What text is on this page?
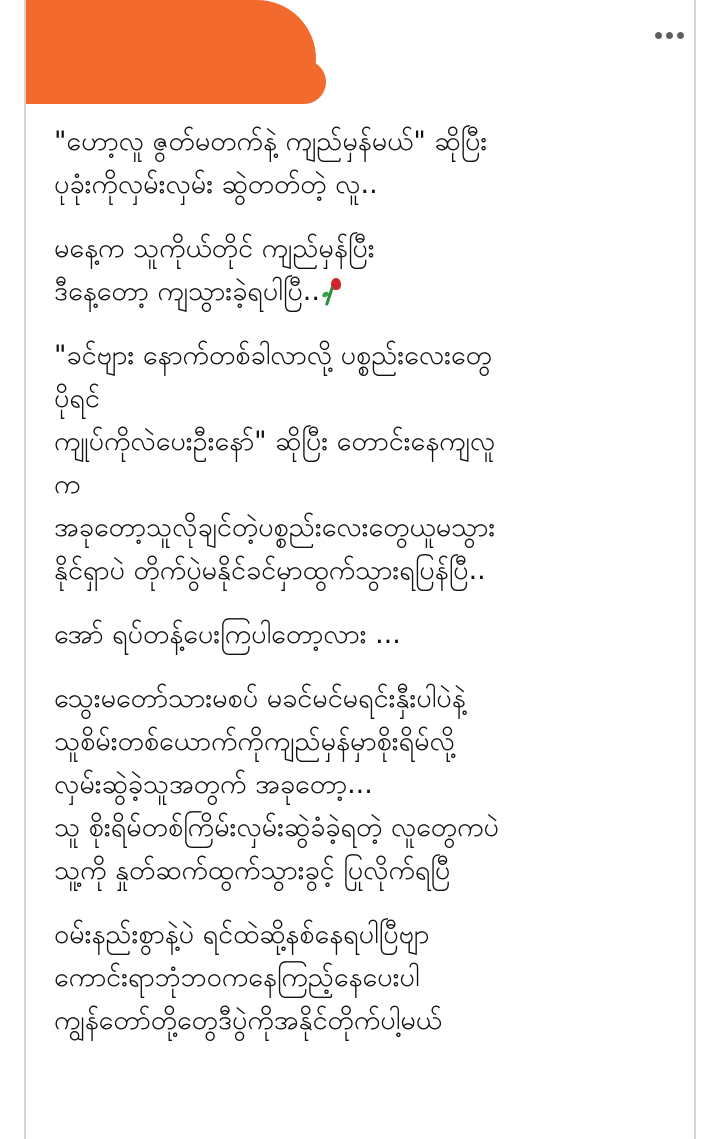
"ဟော့လူ ဇွတ်မတက်နဲ့ ကျည်မှန်မယ်" ဆိုပြီး
ပုခုံးကိုလှမ်းလှမ်း ဆွဲတတ်တဲ့ လူ..

မနေ့က သူကိုယ်တိုင် ကျည်မှန်ပြီး
ဒီနေ့တော့ ကျသွားခဲ့ရပါပြီ..

"ခင်ဗျား နောက်တစ်ခါလာလို့ ပစ္စည်းလေးတွေ
ပိုရင်
ကျုပ်ကိုလဲပေးဦးနော်" ဆိုပြီး တောင်းနေကျလူ
က
အခုတော့သူလိုချင်တဲ့ပစ္စည်းလေးတွေယူမသွား
နိုင်ရှာပဲ တိုက်ပွဲမနိုင်ခင်မှာထွက်သွားရပြန်ပြီ..

အော် ရပ်တန့်ပေးကြပါတော့လား ...

သွေးမတော်သားမစပ် မခင်မင်မရင်းနှီးပါပဲနဲ့
သူစိမ်းတစ်ယောက်ကိုကျည်မှန်မှာစိုးရိမ်လို့
လှမ်းဆွဲခဲ့သူအတွက် အခုတော့...
သူ စိုးရိမ်တစ်ကြိမ်းလှမ်းဆွဲခံခဲ့ရတဲ့ လူတွေကပဲ
သူ့ကို နှုတ်ဆက်ထွက်သွားခွင့် ပြုလိုက်ရပြီ

ဝမ်းနည်းစွာနဲ့ပဲ ရင်ထဲဆို့နစ်နေရပါပြီဗျာ
ကောင်းရာဘုံဘဝကနေကြည့်နေပေးပါ
ကျွန်တော်တို့တွေဒီပွဲကိုအနိုင်တိုက်ပါ့မယ်
